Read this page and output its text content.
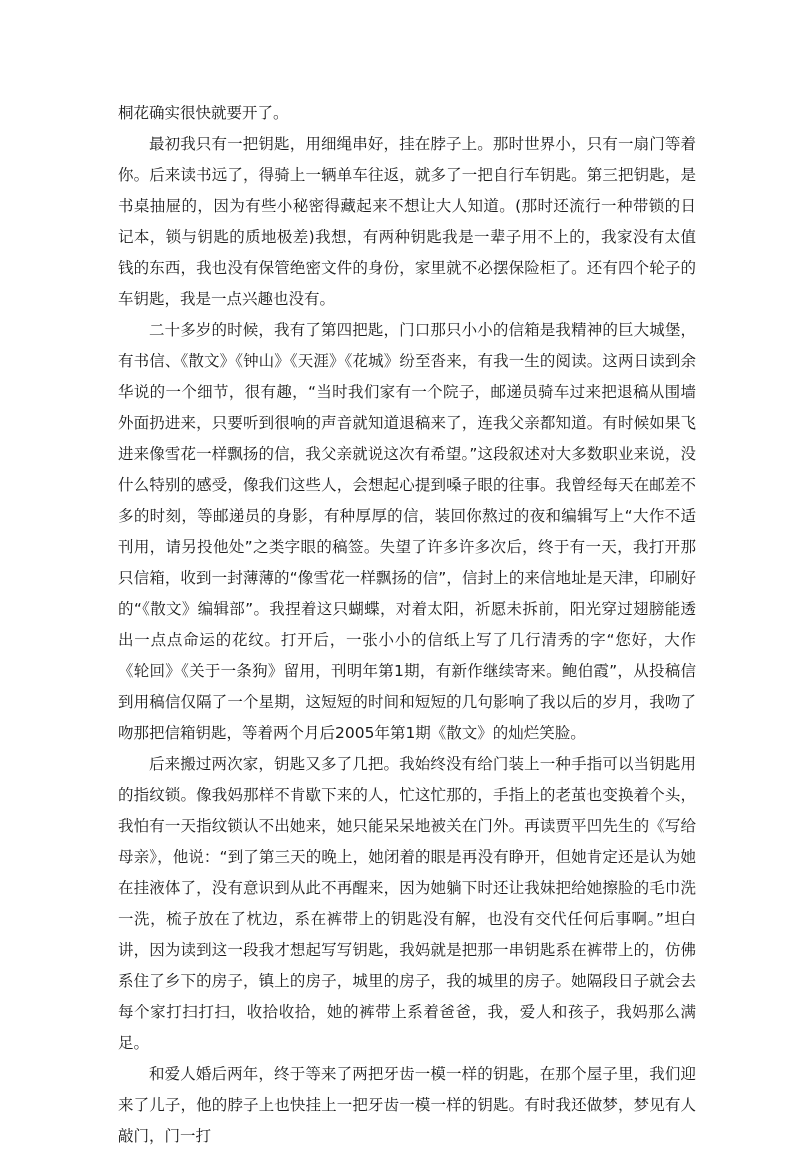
桐花确实很快就要开了。

最初我只有一把钥匙，用细绳串好，挂在脖子上。那时世界小，只有一扇门等着你。后来读书远了，得骑上一辆单车往返，就多了一把自行车钥匙。第三把钥匙，是书桌抽屉的，因为有些小秘密得藏起来不想让大人知道。(那时还流行一种带锁的日记本，锁与钥匙的质地极差)我想，有两种钥匙我是一辈子用不上的，我家没有太值钱的东西，我也没有保管绝密文件的身份，家里就不必摆保险柜了。还有四个轮子的车钥匙，我是一点兴趣也没有。

二十多岁的时候，我有了第四把匙，门口那只小小的信箱是我精神的巨大城堡，有书信、《散文》《钟山》《天涯》《花城》纷至沓来，有我一生的阅读。这两日读到余华说的一个细节，很有趣，“当时我们家有一个院子，邮递员骑车过来把退稿从围墙外面扔进来，只要听到很响的声音就知道退稿来了，连我父亲都知道。有时候如果飞进来像雪花一样飘扬的信，我父亲就说这次有希望。”这段叙述对大多数职业来说，没什么特别的感受，像我们这些人，会想起心提到嗓子眼的往事。我曾经每天在邮差不多的时刻，等邮递员的身影，有种厚厚的信，装回你熬过的夜和编辑写上“大作不适刊用，请另投他处”之类字眼的稿签。失望了许多许多次后，终于有一天，我打开那只信箱，收到一封薄薄的“像雪花一样飘扬的信”，信封上的来信地址是天津，印刷好的“《散文》编辑部”。我捏着这只蝴蝶，对着太阳，祈愿未拆前，阳光穿过翅膀能透出一点点命运的花纹。打开后，一张小小的信纸上写了几行清秀的字“您好，大作《轮回》《关于一条狗》留用，刊明年第1期，有新作继续寄来。鲍伯霞”，从投稿信到用稿信仅隔了一个星期，这短短的时间和短短的几句影响了我以后的岁月，我吻了吻那把信箱钥匙，等着两个月后2005年第1期《散文》的灿烂笑脸。

后来搬过两次家，钥匙又多了几把。我始终没有给门装上一种手指可以当钥匙用的指纹锁。像我妈那样不肯歇下来的人，忙这忙那的，手指上的老茧也变换着个头，我怕有一天指纹锁认不出她来，她只能呆呆地被关在门外。再读贾平凹先生的《写给母亲》，他说：“到了第三天的晚上，她闭着的眼是再没有睁开，但她肯定还是认为她在挂液体了，没有意识到从此不再醒来，因为她躺下时还让我妹把给她擦脸的毛巾洗一洗，梳子放在了枕边，系在裤带上的钥匙没有解，也没有交代任何后事啊。”坦白讲，因为读到这一段我才想起写写钥匙，我妈就是把那一串钥匙系在裤带上的，仿佛系住了乡下的房子，镇上的房子，城里的房子，我的城里的房子。她隔段日子就会去每个家打扫打扫，收拾收拾，她的裤带上系着爸爸，我，爱人和孩子，我妈那么满足。

和爱人婚后两年，终于等来了两把牙齿一模一样的钥匙，在那个屋子里，我们迎来了儿子，他的脖子上也快挂上一把牙齿一模一样的钥匙。有时我还做梦，梦见有人敲门，门一打
